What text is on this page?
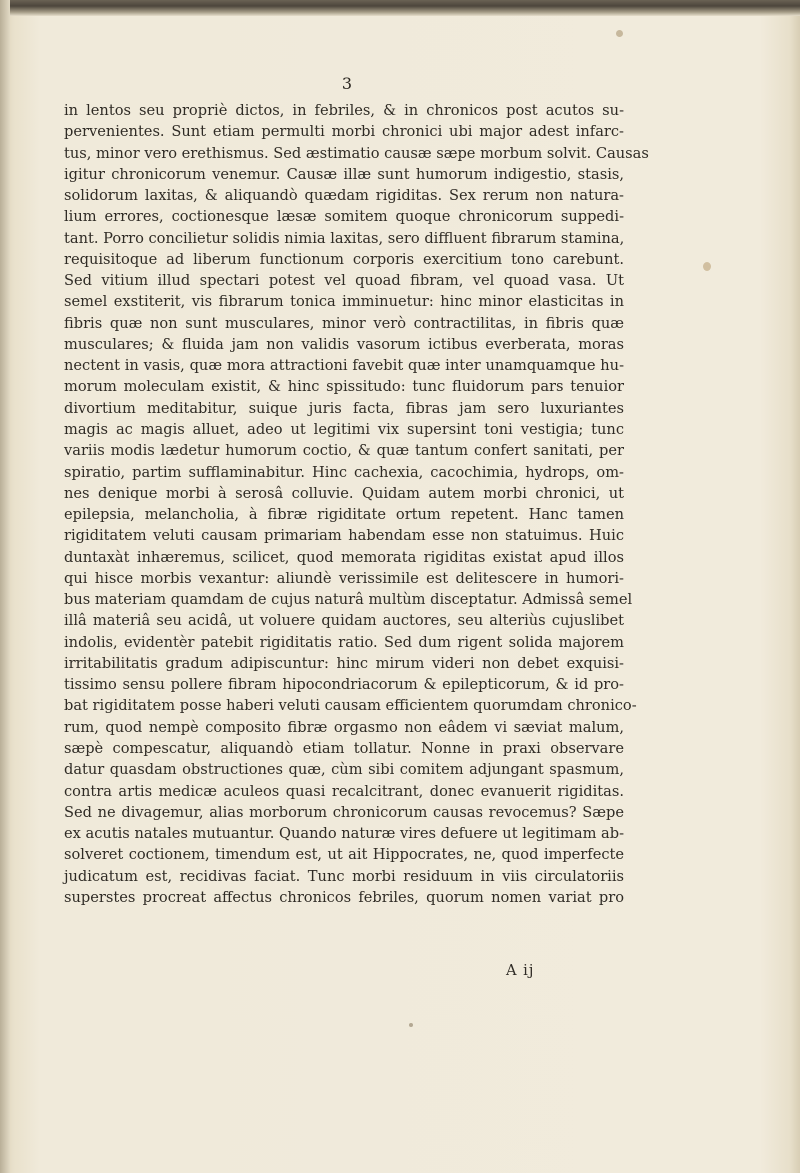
3
in lentos seu propriè dictos, in febriles, & in chronicos post acutos su-
pervenientes. Sunt etiam permulti morbi chronici ubi major adest infarc-
tus, minor vero erethismus. Sed æstimatio causæ sæpe morbum solvit. Causas
igitur chronicorum venemur. Causæ illæ sunt humorum indigestio, stasis,
solidorum laxitas, & aliquandò quædam rigiditas. Sex rerum non natura-
lium errores, coctionesque læsæ somitem quoque chronicorum suppedi-
tant. Porro concilietur solidis nimia laxitas, sero diffluent fibrarum stamina,
requisitoque ad liberum functionum corporis exercitium tono carebunt.
Sed vitium illud spectari potest vel quoad fibram, vel quoad vasa. Ut
semel exstiterit, vis fibrarum tonica imminuetur: hinc minor elasticitas in
fibris quæ non sunt musculares, minor verò contractilitas, in fibris quæ
musculares; & fluida jam non validis vasorum ictibus everberata, moras
nectent in vasis, quæ mora attractioni favebit quæ inter unamquamque hu-
morum moleculam existit, & hinc spissitudo: tunc fluidorum pars tenuior
divortium meditabitur, suique juris facta, fibras jam sero luxuriantes
magis ac magis alluet, adeo ut legitimi vix supersint toni vestigia; tunc
variis modis lædetur humorum coctio, & quæ tantum confert sanitati, per
spiratio, partim sufflaminabitur. Hinc cachexia, cacochimia, hydrops, om-
nes denique morbi à serosâ colluvie. Quidam autem morbi chronici, ut
epilepsia, melancholia, à fibræ rigiditate ortum repetent. Hanc tamen
rigiditatem veluti causam primariam habendam esse non statuimus. Huic
duntaxàt inhæremus, scilicet, quod memorata rigiditas existat apud illos
qui hisce morbis vexantur: aliundè verissimile est delitescere in humori-
bus materiam quamdam de cujus naturâ multùm disceptatur. Admissâ semel
illâ materiâ seu acidâ, ut voluere quidam auctores, seu alteriùs cujuslibet
indolis, evidentèr patebit rigiditatis ratio. Sed dum rigent solida majorem
irritabilitatis gradum adipiscuntur: hinc mirum videri non debet exquisi-
tissimo sensu pollere fibram hipocondriacorum & epilepticorum, & id pro-
bat rigiditatem posse haberi veluti causam efficientem quorumdam chronico-
rum, quod nempè composito fibræ orgasmo non eâdem vi sæviat malum,
sæpè compescatur, aliquandò etiam tollatur. Nonne in praxi observare
datur quasdam obstructiones quæ, cùm sibi comitem adjungant spasmum,
contra artis medicæ aculeos quasi recalcitrant, donec evanuerit rigiditas.
Sed ne divagemur, alias morborum chronicorum causas revocemus? Sæpe
ex acutis natales mutuantur. Quando naturæ vires defuere ut legitimam ab-
solveret coctionem, timendum est, ut ait Hippocrates, ne, quod imperfecte
judicatum est, recidivas faciat. Tunc morbi residuum in viis circulatoriis
superstes procreat affectus chronicos febriles, quorum nomen variat pro
A ij
